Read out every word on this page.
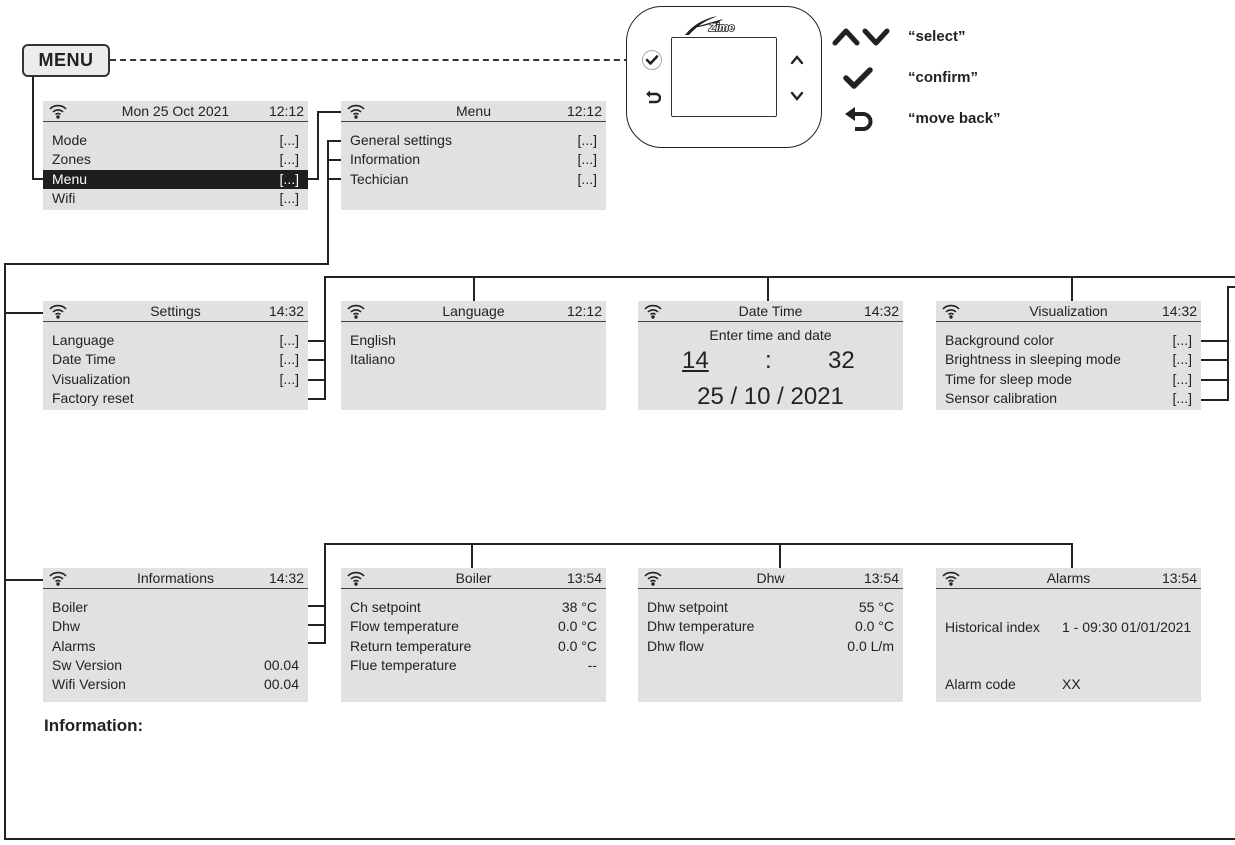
MENU
Zime	“select”
“confirm”
“move back”
Mon 25 Oct 2021	12:12
Mode	[...]
Zones	[...]
Menu	[...]
Wifi	[...]
Menu	12:12
General settings	[...]
Information	[...]
Techician	[...]
Settings	14:32
Language	[...]
Date Time	[...]
Visualization	[...]
Factory reset
Language	12:12
English
Italiano
Date Time	14:32
Enter time and date
14 : 32
25 / 10 / 2021
Visualization	14:32
Background color	[...]
Brightness in sleeping mode	[...]
Time for sleep mode	[...]
Sensor calibration	[...]
Informations	14:32
Boiler
Dhw
Alarms
Sw Version	00.04
Wifi Version	00.04
Boiler	13:54
Ch setpoint	38 °C
Flow temperature	0.0 °C
Return temperature	0.0 °C
Flue temperature	--
Dhw	13:54
Dhw setpoint	55 °C
Dhw temperature	0.0 °C
Dhw flow	0.0 L/m
Alarms	13:54
Historical index 1 - 09:30 01/01/2021
Alarm code	XX
Information:
